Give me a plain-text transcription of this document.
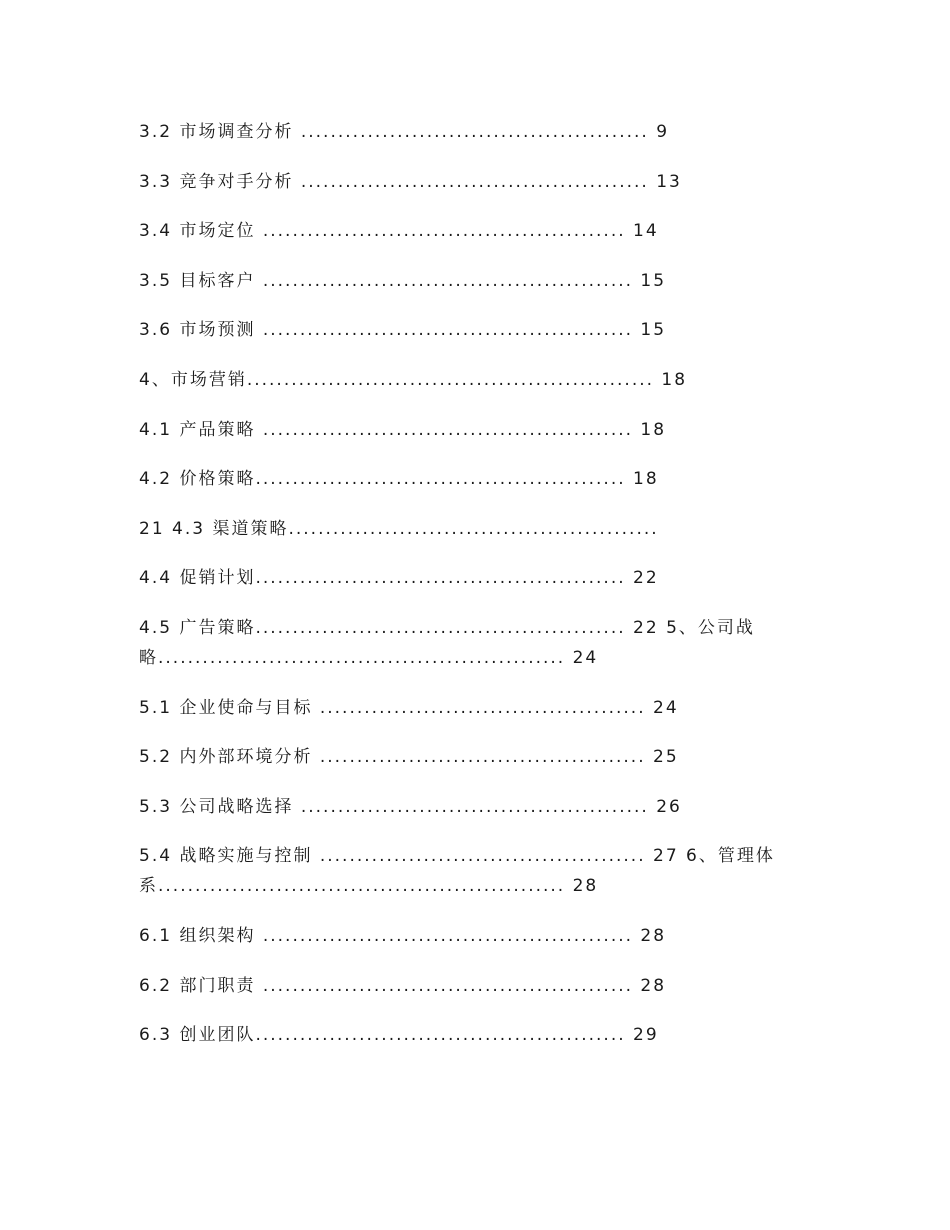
3.2 市场调查分析 ............................................... 9
3.3 竞争对手分析 ............................................... 13
3.4 市场定位 ................................................. 14
3.5 目标客户 .................................................. 15
3.6 市场预测 .................................................. 15
4、市场营销....................................................... 18
4.1 产品策略 .................................................. 18
4.2 价格策略.................................................. 18
21 4.3 渠道策略..................................................
4.4 促销计划.................................................. 22
4.5 广告策略.................................................. 22 5、公司战
略....................................................... 24
5.1 企业使命与目标 ............................................ 24
5.2 内外部环境分析 ............................................ 25
5.3 公司战略选择 ............................................... 26
5.4 战略实施与控制 ............................................ 27 6、管理体
系....................................................... 28
6.1 组织架构 .................................................. 28
6.2 部门职责 .................................................. 28
6.3 创业团队.................................................. 29
